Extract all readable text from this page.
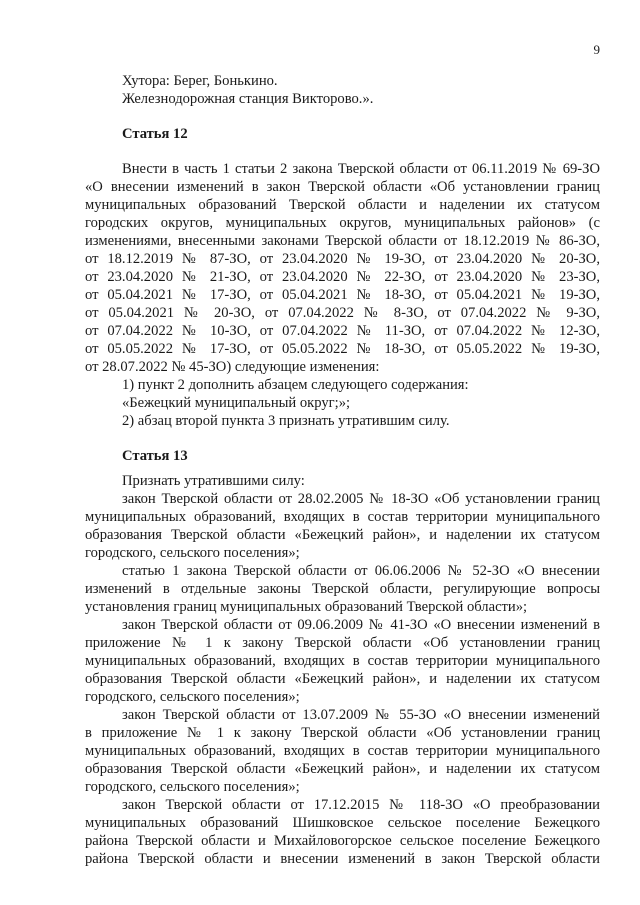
9
Хутора: Берег, Бонькино.
Железнодорожная станция Викторово.».
Статья 12
Внести в часть 1 статьи 2 закона Тверской области от 06.11.2019 № 69-ЗО
«О внесении изменений в закон Тверской области «Об установлении границ
муниципальных образований Тверской области и наделении их статусом
городских округов, муниципальных округов, муниципальных районов» (с
изменениями, внесенными законами Тверской области от 18.12.2019 № 86-ЗО,
от 18.12.2019 № 87-ЗО, от 23.04.2020 № 19-ЗО, от 23.04.2020 № 20-ЗО,
от 23.04.2020 № 21-ЗО, от 23.04.2020 № 22-ЗО, от 23.04.2020 № 23-ЗО,
от 05.04.2021 № 17-ЗО, от 05.04.2021 № 18-ЗО, от 05.04.2021 № 19-ЗО,
от 05.04.2021 № 20-ЗО, от 07.04.2022 № 8-ЗО, от 07.04.2022 № 9-ЗО,
от 07.04.2022 № 10-ЗО, от 07.04.2022 № 11-ЗО, от 07.04.2022 № 12-ЗО,
от 05.05.2022 № 17-ЗО, от 05.05.2022 № 18-ЗО, от 05.05.2022 № 19-ЗО,
от 28.07.2022 № 45-ЗО) следующие изменения:
1) пункт 2 дополнить абзацем следующего содержания:
«Бежецкий муниципальный округ;»;
2) абзац второй пункта 3 признать утратившим силу.
Статья 13
Признать утратившими силу:
закон Тверской области от 28.02.2005 № 18-ЗО «Об установлении границ
муниципальных образований, входящих в состав территории муниципального
образования Тверской области «Бежецкий район», и наделении их статусом
городского, сельского поселения»;
статью 1 закона Тверской области от 06.06.2006 № 52-ЗО «О внесении
изменений в отдельные законы Тверской области, регулирующие вопросы
установления границ муниципальных образований Тверской области»;
закон Тверской области от 09.06.2009 № 41-ЗО «О внесении изменений в
приложение № 1 к закону Тверской области «Об установлении границ
муниципальных образований, входящих в состав территории муниципального
образования Тверской области «Бежецкий район», и наделении их статусом
городского, сельского поселения»;
закон Тверской области от 13.07.2009 № 55-ЗО «О внесении изменений
в приложение № 1 к закону Тверской области «Об установлении границ
муниципальных образований, входящих в состав территории муниципального
образования Тверской области «Бежецкий район», и наделении их статусом
городского, сельского поселения»;
закон Тверской области от 17.12.2015 № 118-ЗО «О преобразовании
муниципальных образований Шишковское сельское поселение Бежецкого
района Тверской области и Михайловогорское сельское поселение Бежецкого
района Тверской области и внесении изменений в закон Тверской области
